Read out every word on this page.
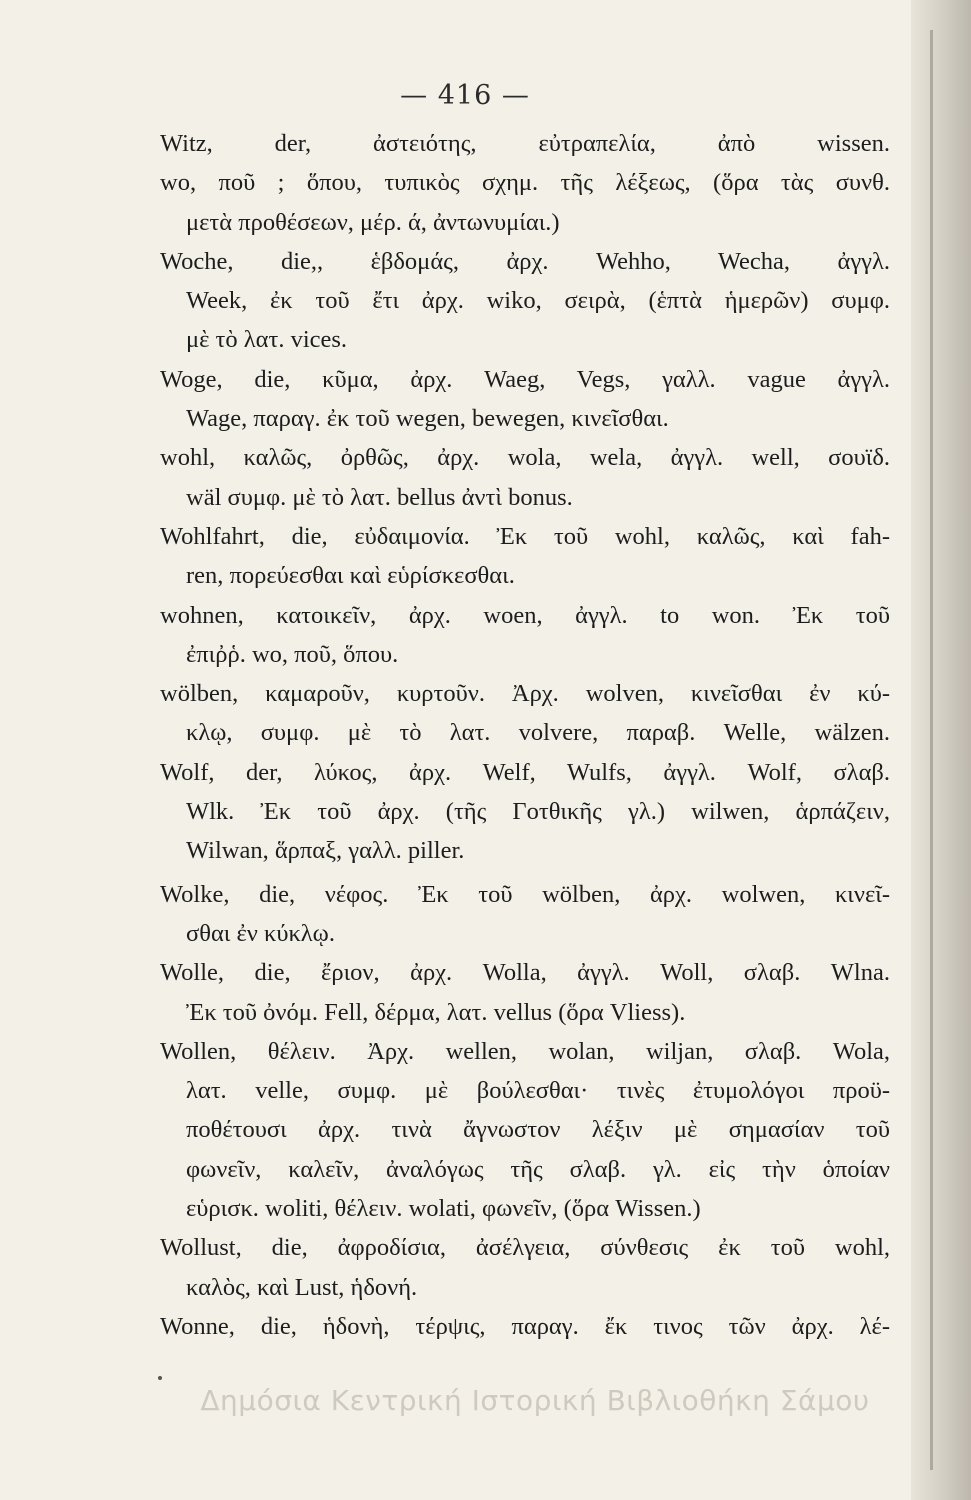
— 416 —
Witz, der, ἀστειότης, εὐτραπελία, ἀπὸ wissen.
wo, ποῦ ; ὅπου, τυπικὸς σχημ. τῆς λέξεως, (ὅρα τὰς συνθ.
μετὰ προθέσεων, μέρ. ά, ἀντωνυμίαι.)
Woche, die,, ἑβδομάς, ἀρχ. Wehho, Wecha, ἀγγλ.
Week, ἐκ τοῦ ἔτι ἀρχ. wiko, σειρὰ, (ἑπτὰ ἡμερῶν) συμφ.
μὲ τὸ λατ. vices.
Woge, die, κῦμα, ἀρχ. Waeg, Vegs, γαλλ. vague ἀγγλ.
Wage, παραγ. ἐκ τοῦ wegen, bewegen, κινεῖσθαι.
wohl, καλῶς, ὀρθῶς, ἀρχ. wola, wela, ἀγγλ. well, σουϊδ.
wäl συμφ. μὲ τὸ λατ. bellus ἀντὶ bonus.
Wohlfahrt, die, εὐδαιμονία. Ἐκ τοῦ wohl, καλῶς, καὶ fah-
ren, πορεύεσθαι καὶ εὑρίσκεσθαι.
wohnen, κατοικεῖν, ἀρχ. woen, ἀγγλ. to won. Ἐκ τοῦ
ἐπιῤῥ. wo, ποῦ, ὅπου.
wölben, καμαροῦν, κυρτοῦν. Ἀρχ. wolven, κινεῖσθαι ἐν κύ-
κλῳ, συμφ. μὲ τὸ λατ. volvere, παραβ. Welle, wälzen.
Wolf, der, λύκος, ἀρχ. Welf, Wulfs, ἀγγλ. Wolf, σλαβ.
Wlk. Ἐκ τοῦ ἀρχ. (τῆς Γοτθικῆς γλ.) wilwen, ἁρπάζειν,
Wilwan, ἅρπαξ, γαλλ. piller.
Wolke, die, νέφος. Ἐκ τοῦ wölben, ἀρχ. wolwen, κινεῖ-
σθαι ἐν κύκλῳ.
Wolle, die, ἔριον, ἀρχ. Wolla, ἀγγλ. Woll, σλαβ. Wlna.
Ἐκ τοῦ ὀνόμ. Fell, δέρμα, λατ. vellus (ὅρα Vliess).
Wollen, θέλειν. Ἀρχ. wellen, wolan, wiljan, σλαβ. Wola,
λατ. velle, συμφ. μὲ βούλεσθαι· τινὲς ἐτυμολόγοι προϋ-
ποθέτουσι ἀρχ. τινὰ ἄγνωστον λέξιν μὲ σημασίαν τοῦ
φωνεῖν, καλεῖν, ἀναλόγως τῆς σλαβ. γλ. εἰς τὴν ὁποίαν
εὑρισκ. woliti, θέλειν. wolati, φωνεῖν, (ὅρα Wissen.)
Wollust, die, ἀφροδίσια, ἀσέλγεια, σύνθεσις ἐκ τοῦ wohl,
καλὸς, καὶ Lust, ἡδονή.
Wonne, die, ἡδονὴ, τέρψις, παραγ. ἔκ τινος τῶν ἀρχ. λέ-
Δημόσια Κεντρική Ιστορική Βιβλιοθήκη Σάμου
